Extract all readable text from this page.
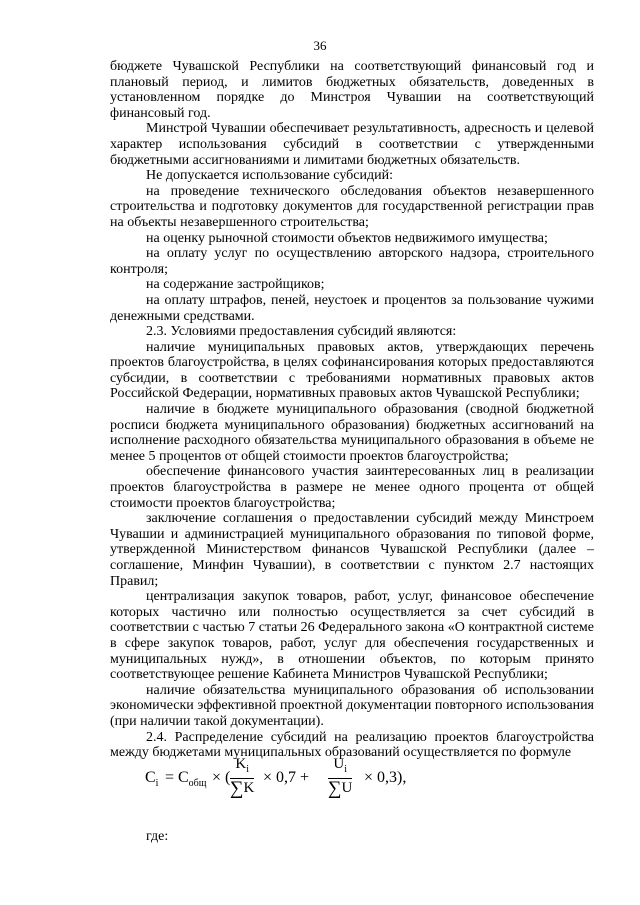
36

бюджете Чувашской Республики на соответствующий финансовый год и плановый период, и лимитов бюджетных обязательств, доведенных в установленном порядке до Минстроя Чувашии на соответствующий финансовый год.

Минстрой Чувашии обеспечивает результативность, адресность и целевой характер использования субсидий в соответствии с утвержденными бюджетными ассигнованиями и лимитами бюджетных обязательств.

Не допускается использование субсидий:

на проведение технического обследования объектов незавершенного строительства и подготовку документов для государственной регистрации прав на объекты незавершенного строительства;

на оценку рыночной стоимости объектов недвижимого имущества;

на оплату услуг по осуществлению авторского надзора, строительного контроля;

на содержание застройщиков;

на оплату штрафов, пеней, неустоек и процентов за пользование чужими денежными средствами.

2.3. Условиями предоставления субсидий являются:

наличие муниципальных правовых актов, утверждающих перечень проектов благоустройства, в целях софинансирования которых предоставляются субсидии, в соответствии с требованиями нормативных правовых актов Российской Федерации, нормативных правовых актов Чувашской Республики;

наличие в бюджете муниципального образования (сводной бюджетной росписи бюджета муниципального образования) бюджетных ассигнований на исполнение расходного обязательства муниципального образования в объеме не менее 5 процентов от общей стоимости проектов благоустройства;

обеспечение финансового участия заинтересованных лиц в реализации проектов благоустройства в размере не менее одного процента от общей стоимости проектов благоустройства;

заключение соглашения о предоставлении субсидий между Минстроем Чувашии и администрацией муниципального образования по типовой форме, утвержденной Министерством финансов Чувашской Республики (далее – соглашение, Минфин Чувашии), в соответствии с пунктом 2.7 настоящих Правил;

централизация закупок товаров, работ, услуг, финансовое обеспечение которых частично или полностью осуществляется за счет субсидий в соответствии с частью 7 статьи 26 Федерального закона «О контрактной системе в сфере закупок товаров, работ, услуг для обеспечения государственных и муниципальных нужд», в отношении объектов, по которым принято соответствующее решение Кабинета Министров Чувашской Республики;

наличие обязательства муниципального образования об использовании экономически эффективной проектной документации повторного использования (при наличии такой документации).

2.4. Распределение субсидий на реализацию проектов благоустройства между бюджетами муниципальных образований осуществляется по формуле

$C_i = C_{общ}$ × ( $\frac{K_i}{\sum K} \times 0,7 + \frac{U_i}{\sum U} \times 0,3$),
где:
